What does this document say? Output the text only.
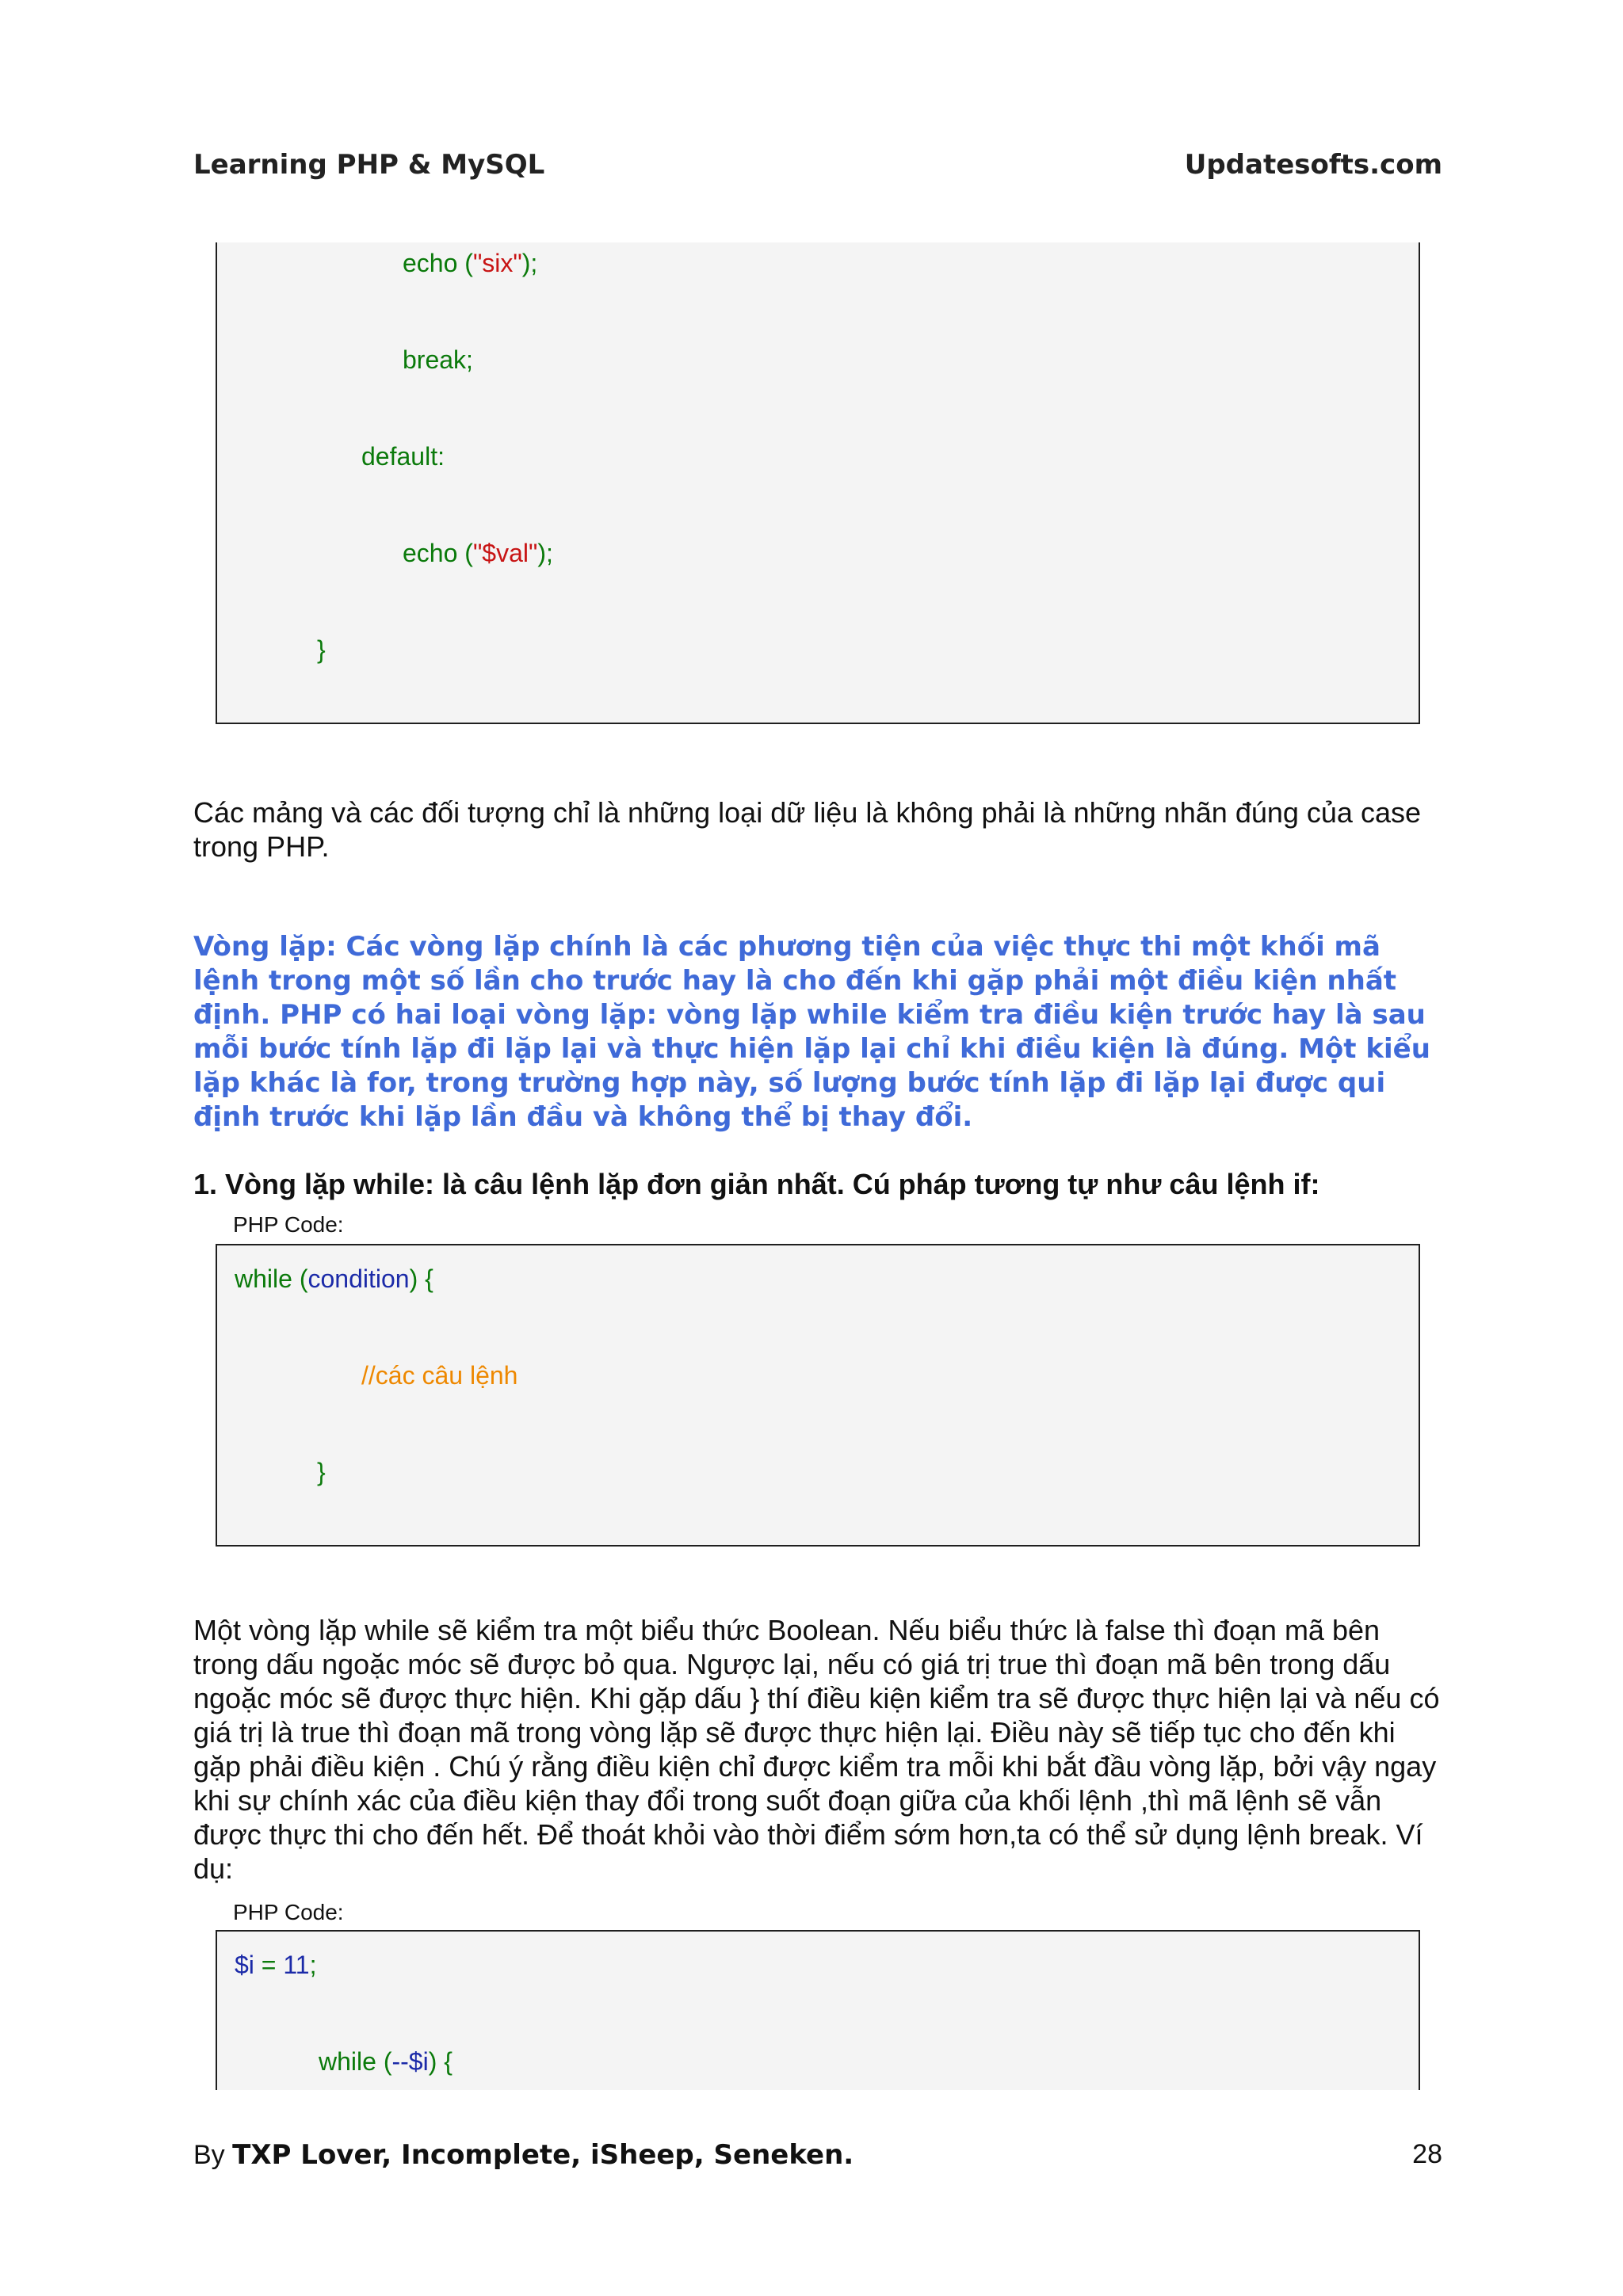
Learning PHP & MySQL	Updatesofts.com
echo ("six");
break;
default:
echo ("$val");
}
Các mảng và các đối tượng chỉ là những loại dữ liệu là không phải là những nhãn đúng của case trong PHP.
Vòng lặp: Các vòng lặp chính là các phương tiện của việc thực thi một khối mã lệnh trong một số lần cho trước hay là cho đến khi gặp phải một điều kiện nhất định. PHP có hai loại vòng lặp: vòng lặp while kiểm tra điều kiện trước hay là sau mỗi bước tính lặp đi lặp lại và thực hiện lặp lại chỉ khi điều kiện là đúng. Một kiểu lặp khác là for, trong trường hợp này, số lượng bước tính lặp đi lặp lại được qui định trước khi lặp lần đầu và không thể bị thay đổi.
1. Vòng lặp while: là câu lệnh lặp đơn giản nhất. Cú pháp tương tự như câu lệnh if:
PHP Code:
while (condition) {
//các câu lệnh
}
Một vòng lặp while sẽ kiểm tra một biểu thức Boolean. Nếu biểu thức là false thì đoạn mã bên trong dấu ngoặc móc sẽ được bỏ qua. Ngược lại, nếu có giá trị true thì đoạn mã bên trong dấu ngoặc móc sẽ được thực hiện. Khi gặp dấu } thí điều kiện kiểm tra sẽ được thực hiện lại và nếu có giá trị là true thì đoạn mã trong vòng lặp sẽ được thực hiện lại. Điều này sẽ tiếp tục cho đến khi gặp phải điều kiện . Chú ý rằng điều kiện chỉ được kiểm tra mỗi khi bắt đầu vòng lặp, bởi vậy ngay khi sự chính xác của điều kiện thay đổi trong suốt đoạn giữa của khối lệnh ,thì mã lệnh sẽ vẫn được thực thi cho đến hết. Để thoát khỏi vào thời điểm sớm hơn,ta có thể sử dụng lệnh break. Ví dụ:
PHP Code:
$i = 11;
while (--$i) {
By TXP Lover, Incomplete, iSheep, Seneken.	28
